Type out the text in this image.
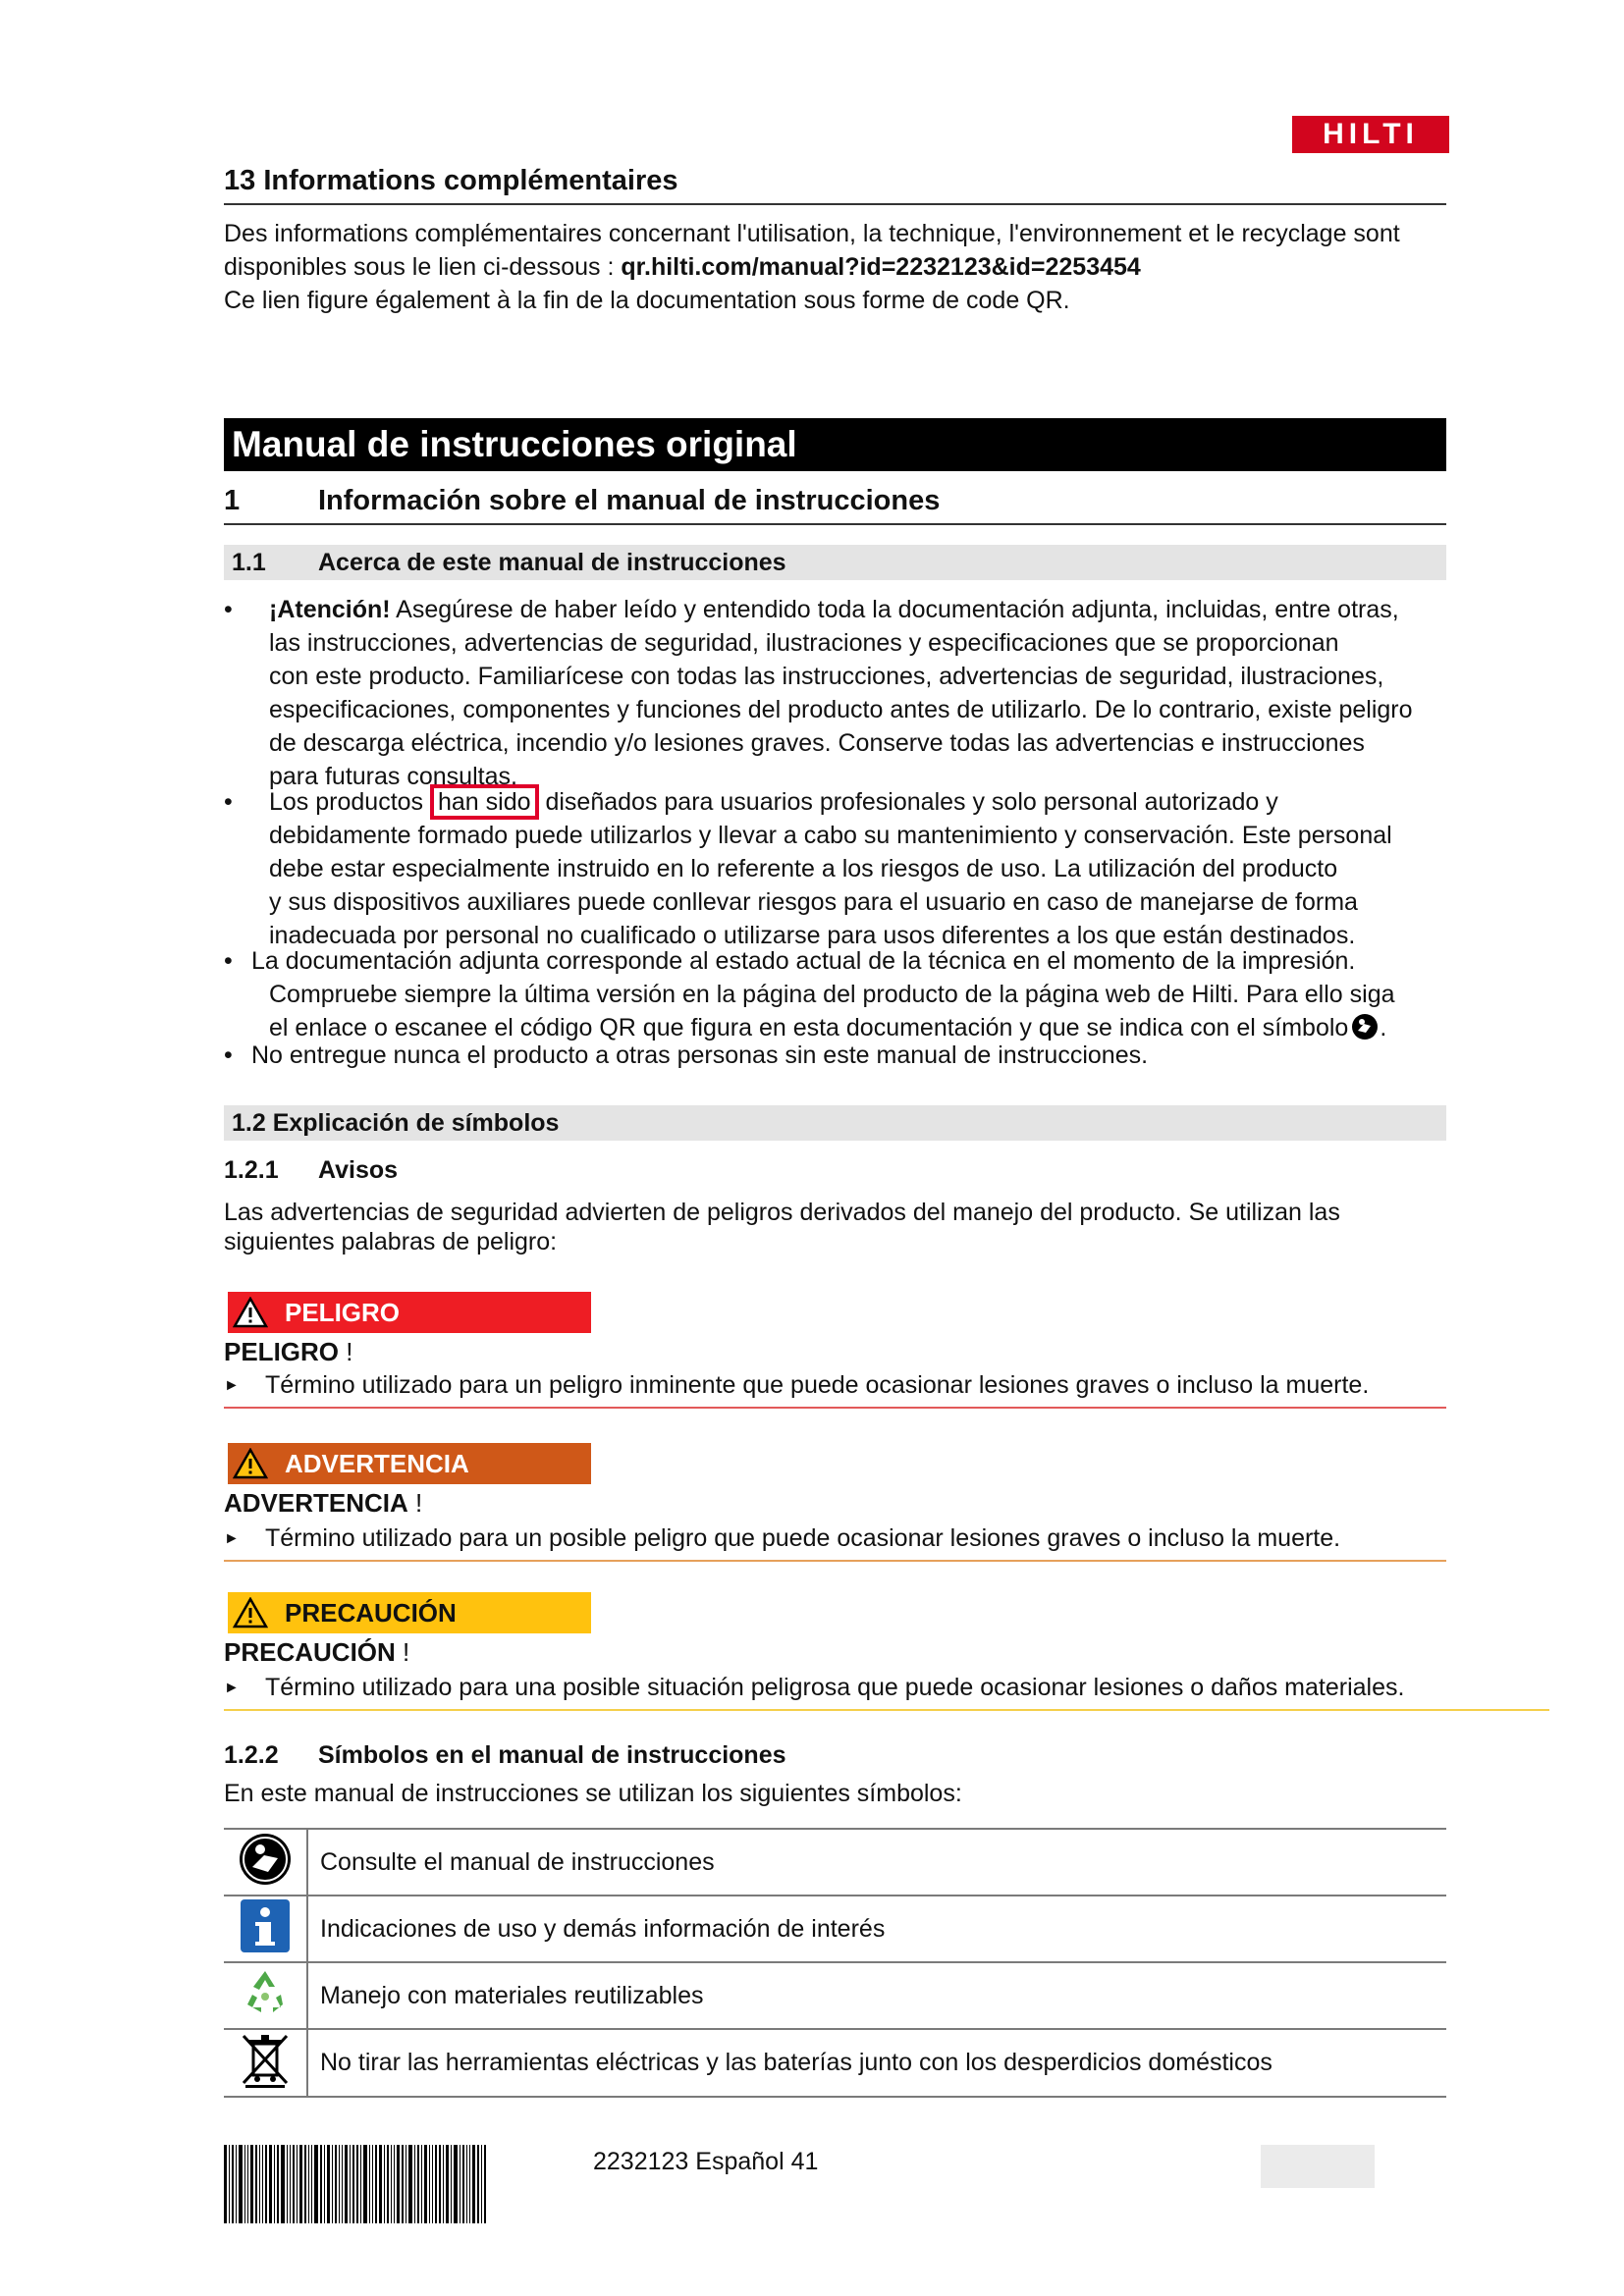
HILTI
13 Informations complémentaires
Des informations complémentaires concernant l'utilisation, la technique, l'environnement et le recyclage sont
disponibles sous le lien ci-dessous : qr.hilti.com/manual?id=2232123&id=2253454
Ce lien figure également à la fin de la documentation sous forme de code QR.
Manual de instrucciones original
1	Información sobre el manual de instrucciones
1.1 Acerca de este manual de instrucciones
• ¡Atención! Asegúrese de haber leído y entendido toda la documentación adjunta, incluidas, entre otras,
las instrucciones, advertencias de seguridad, ilustraciones y especificaciones que se proporcionan
con este producto. Familiarícese con todas las instrucciones, advertencias de seguridad, ilustraciones,
especificaciones, componentes y funciones del producto antes de utilizarlo. De lo contrario, existe peligro
de descarga eléctrica, incendio y/o lesiones graves. Conserve todas las advertencias e instrucciones
para futuras consultas.
• Los productos han sido diseñados para usuarios profesionales y solo personal autorizado y
debidamente formado puede utilizarlos y llevar a cabo su mantenimiento y conservación. Este personal
debe estar especialmente instruido en lo referente a los riesgos de uso. La utilización del producto
y sus dispositivos auxiliares puede conllevar riesgos para el usuario en caso de manejarse de forma
inadecuada por personal no cualificado o utilizarse para usos diferentes a los que están destinados.
• La documentación adjunta corresponde al estado actual de la técnica en el momento de la impresión.
Compruebe siempre la última versión en la página del producto de la página web de Hilti. Para ello siga
el enlace o escanee el código QR que figura en esta documentación y que se indica con el símbolo .
• No entregue nunca el producto a otras personas sin este manual de instrucciones.
1.2 Explicación de símbolos
1.2.1 Avisos
Las advertencias de seguridad advierten de peligros derivados del manejo del producto. Se utilizan las
siguientes palabras de peligro:
PELIGRO
PELIGRO !
► Término utilizado para un peligro inminente que puede ocasionar lesiones graves o incluso la muerte.
ADVERTENCIA
ADVERTENCIA !
► Término utilizado para un posible peligro que puede ocasionar lesiones graves o incluso la muerte.
PRECAUCIÓN
PRECAUCIÓN !
► Término utilizado para una posible situación peligrosa que puede ocasionar lesiones o daños materiales.
1.2.2 Símbolos en el manual de instrucciones
En este manual de instrucciones se utilizan los siguientes símbolos:
	Consulte el manual de instrucciones
	Indicaciones de uso y demás información de interés
	Manejo con materiales reutilizables
	No tirar las herramientas eléctricas y las baterías junto con los desperdicios domésticos
2232123 Español 41
